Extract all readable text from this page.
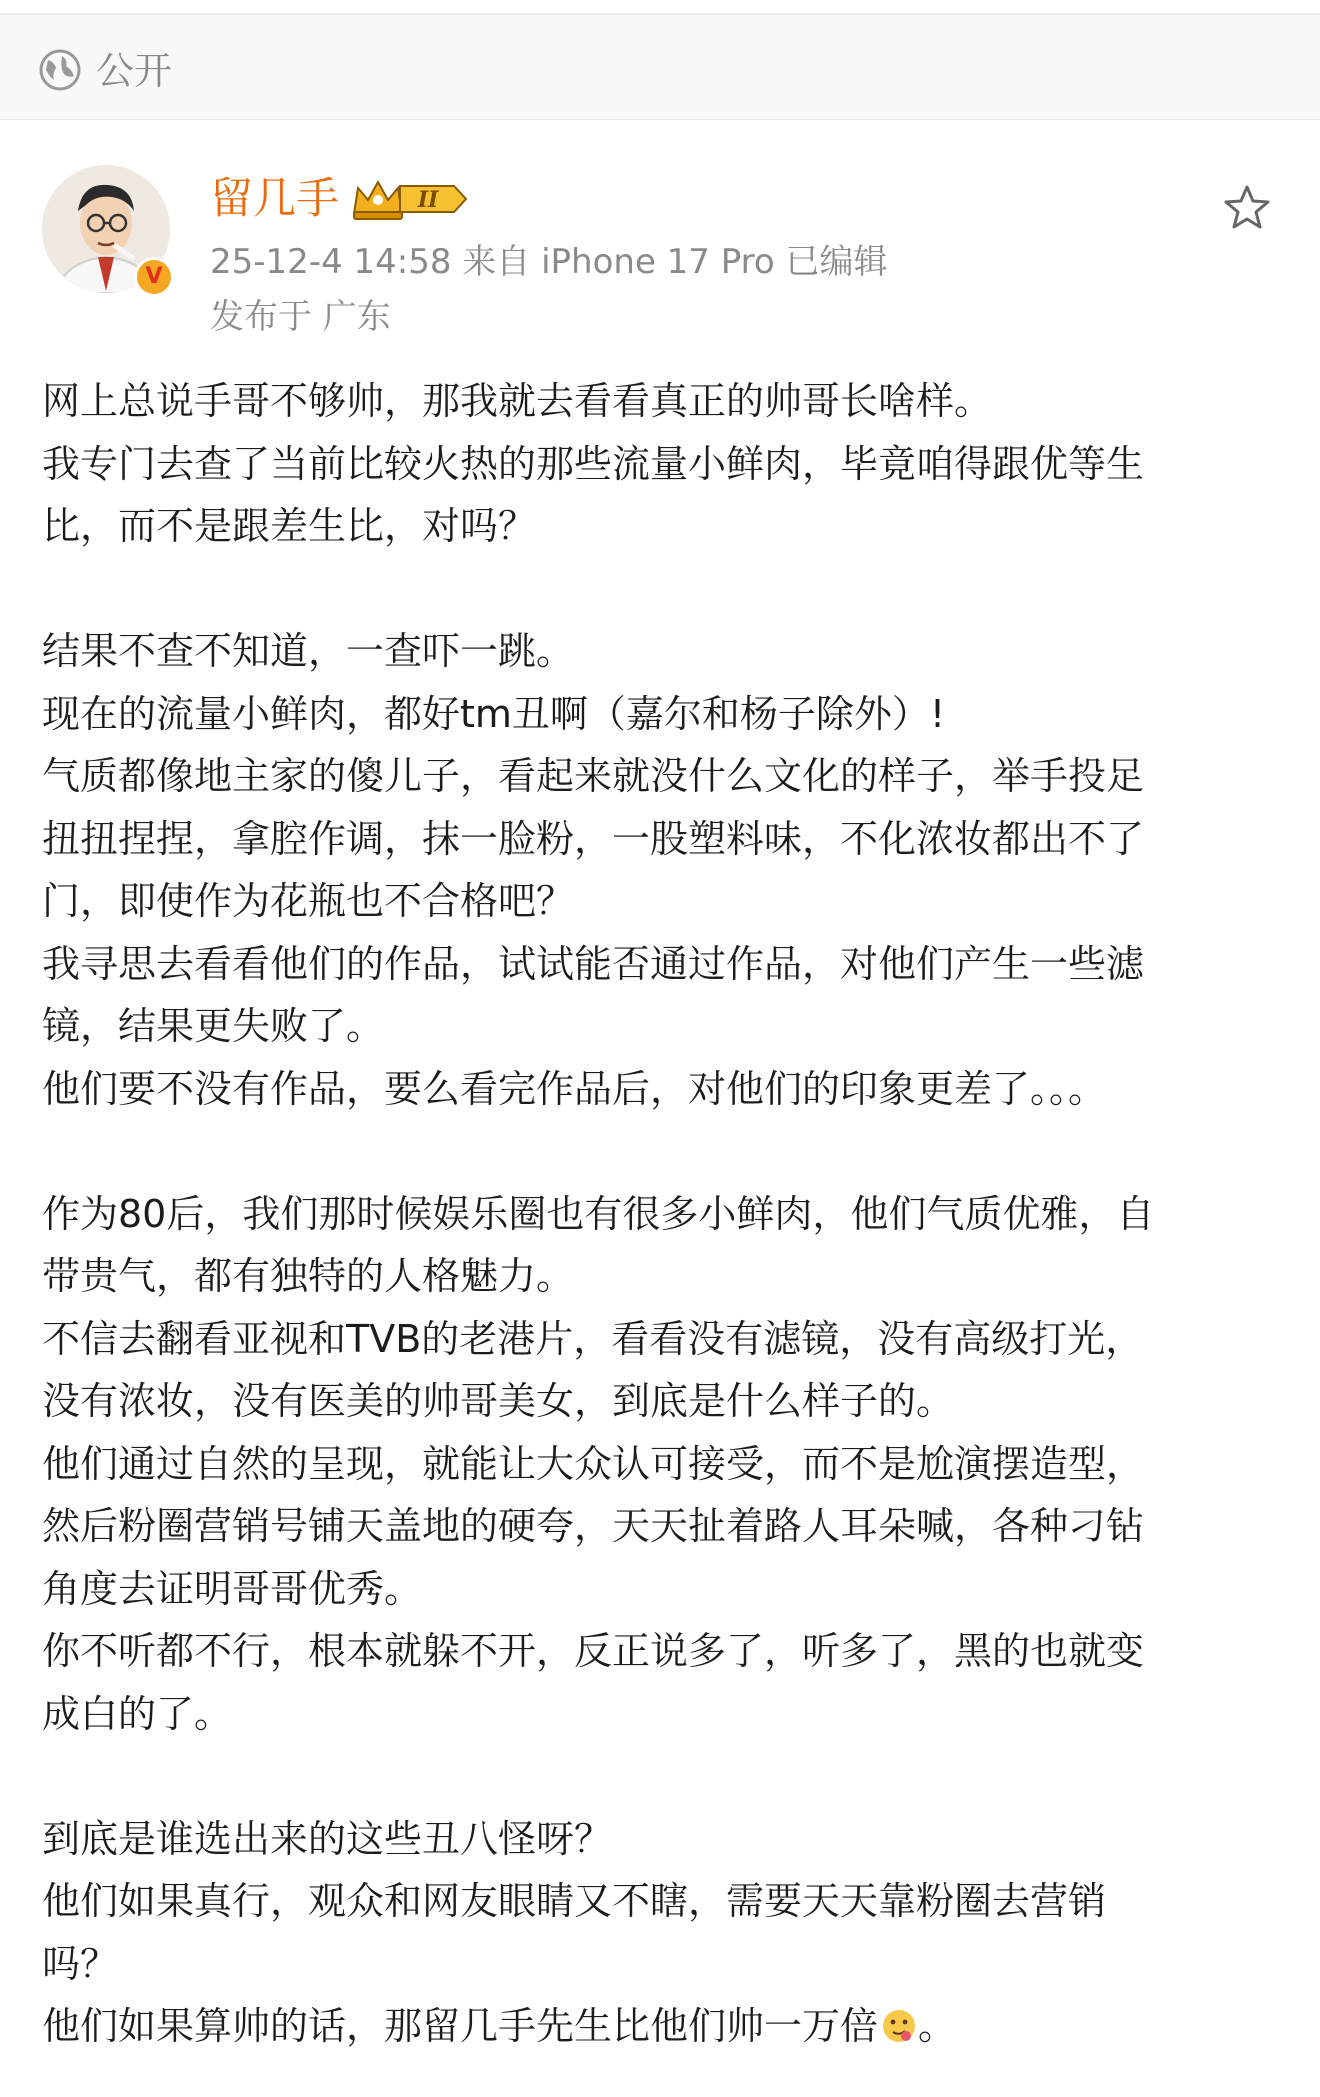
公开
V
留几手	II
25-12-4 14:58 来自 iPhone 17 Pro 已编辑
发布于 广东
网上总说手哥不够帅，那我就去看看真正的帅哥长啥样。
我专门去查了当前比较火热的那些流量小鲜肉，毕竟咱得跟优等生
比，而不是跟差生比，对吗？
结果不查不知道，一查吓一跳。
现在的流量小鲜肉，都好tm丑啊（嘉尔和杨子除外）!
气质都像地主家的傻儿子，看起来就没什么文化的样子，举手投足
扭扭捏捏，拿腔作调，抹一脸粉，一股塑料味，不化浓妆都出不了
门，即使作为花瓶也不合格吧？
我寻思去看看他们的作品，试试能否通过作品，对他们产生一些滤
镜，结果更失败了。
他们要不没有作品，要么看完作品后，对他们的印象更差了。。。
作为80后，我们那时候娱乐圈也有很多小鲜肉，他们气质优雅，自
带贵气，都有独特的人格魅力。
不信去翻看亚视和TVB的老港片，看看没有滤镜，没有高级打光，
没有浓妆，没有医美的帅哥美女，到底是什么样子的。
他们通过自然的呈现，就能让大众认可接受，而不是尬演摆造型，
然后粉圈营销号铺天盖地的硬夸，天天扯着路人耳朵喊，各种刁钻
角度去证明哥哥优秀。
你不听都不行，根本就躲不开，反正说多了，听多了，黑的也就变
成白的了。
到底是谁选出来的这些丑八怪呀？
他们如果真行，观众和网友眼睛又不瞎，需要天天靠粉圈去营销
吗？
他们如果算帅的话，那留几手先生比他们帅一万倍 。
